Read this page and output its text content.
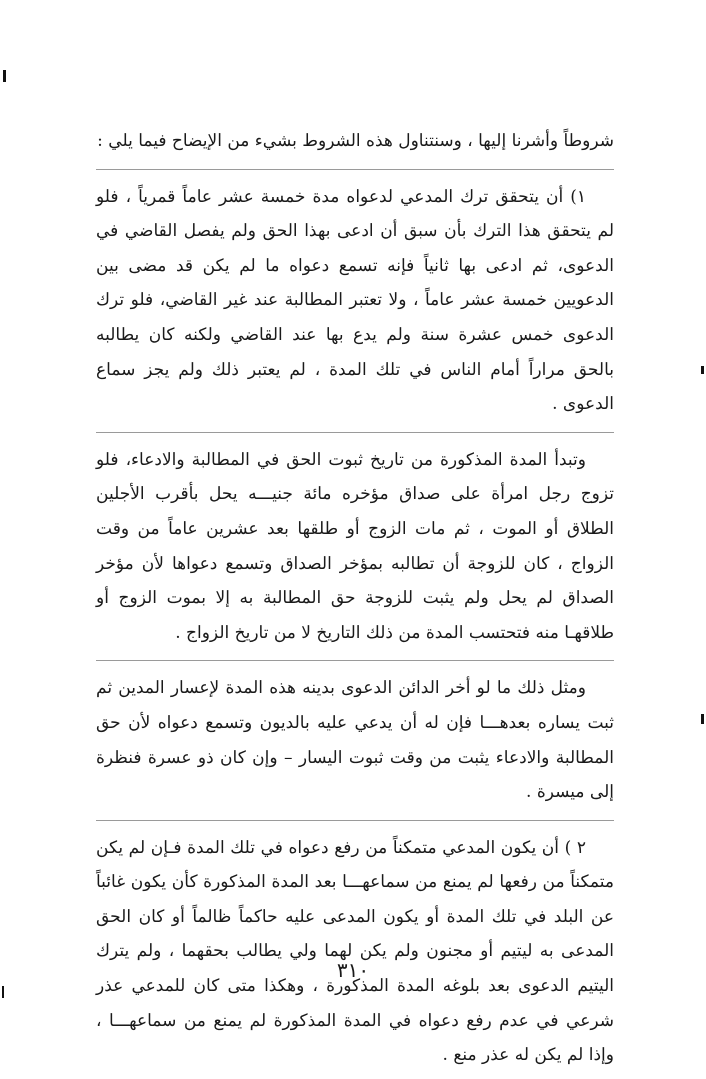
شروطاً وأشرنا إليها ، وسنتناول هذه الشروط بشيء من الإيضاح فيما يلي :

١) أن يتحقق ترك المدعي لدعواه مدة خمسة عشر عاماً قمرياً ، فلو لم يتحقق هذا الترك بأن سبق أن ادعى بهذا الحق ولم يفصل القاضي في الدعوى، ثم ادعى بها ثانياً فإنه تسمع دعواه ما لم يكن قد مضى بين الدعويين خمسة عشر عاماً ، ولا تعتبر المطالبة عند غير القاضي، فلو ترك الدعوى خمس عشرة سنة ولم يدع بها عند القاضي ولكنه كان يطالبه بالحق مراراً أمام الناس في تلك المدة ، لم يعتبر ذلك ولم يجز سماع الدعوى .

وتبدأ المدة المذكورة من تاريخ ثبوت الحق في المطالبة والادعاء، فلو تزوج رجل امرأة على صداق مؤخره مائة جنيـــه يحل بأقرب الأجلين الطلاق أو الموت ، ثم مات الزوج أو طلقها بعد عشرين عاماً من وقت الزواج ، كان للزوجة أن تطالبه بمؤخر الصداق وتسمع دعواها لأن مؤخر الصداق لم يحل ولم يثبت للزوجة حق المطالبة به إلا بموت الزوج أو طلاقهـا منه فتحتسب المدة من ذلك التاريخ لا من تاريخ الزواج .

ومثل ذلك ما لو أخر الدائن الدعوى بدينه هذه المدة لإعسار المدين ثم ثبت يساره بعدهـــا فإن له أن يدعي عليه بالديون وتسمع دعواه لأن حق المطالبة والادعاء يثبت من وقت ثبوت اليسار – وإن كان ذو عسرة فنظرة إلى ميسرة .

٢ ) أن يكون المدعي متمكناً من رفع دعواه في تلك المدة فـإن لم يكن متمكناً من رفعها لم يمنع من سماعهـــا بعد المدة المذكورة كأن يكون غائباً عن البلد في تلك المدة أو يكون المدعى عليه حاكماً ظالماً أو كان الحق المدعى به ليتيم أو مجنون ولم يكن لهما ولي يطالب بحقهما ، ولم يترك اليتيم الدعوى بعد بلوغه المدة المذكورة ، وهكذا متى كان للمدعي عذر شرعي في عدم رفع دعواه في المدة المذكورة لم يمنع من سماعهـــا ، وإذا لم يكن له عذر منع .

٣١٠
